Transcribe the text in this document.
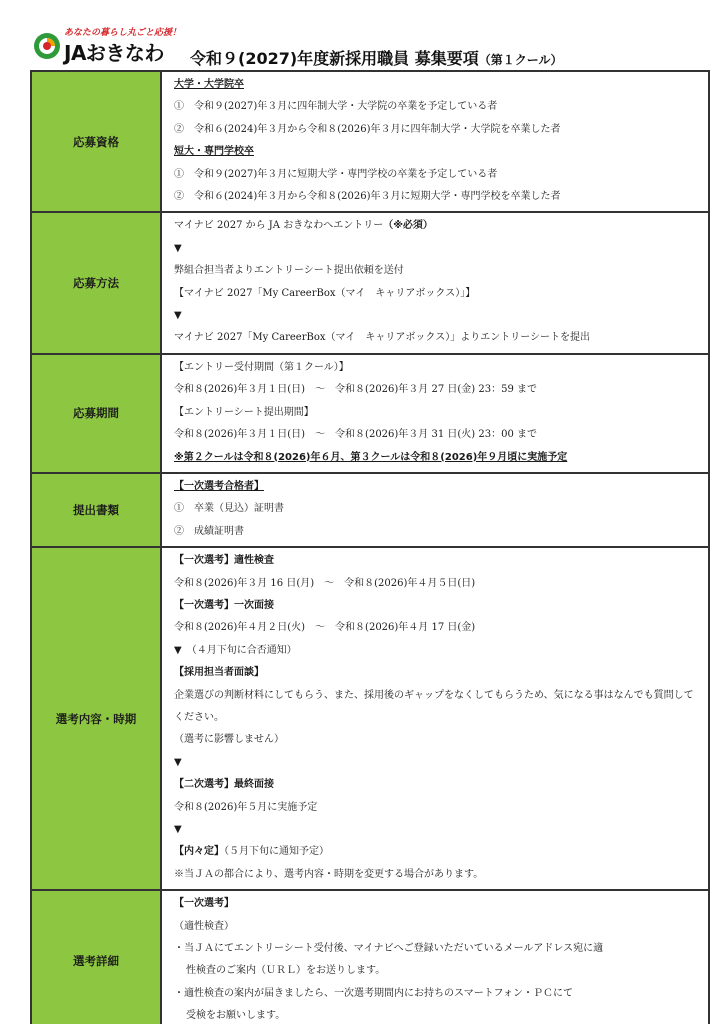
あなたの暮らし丸ごと応援！
JAおきなわ 令和９(2027)年度新採用職員 募集要項（第１クール）
応募資格
大学・大学院卒
①　令和９(2027)年３月に四年制大学・大学院の卒業を予定している者
②　令和６(2024)年３月から令和８(2026)年３月に四年制大学・大学院を卒業した者
短大・専門学校卒
①　令和９(2027)年３月に短期大学・専門学校の卒業を予定している者
②　令和６(2024)年３月から令和８(2026)年３月に短期大学・専門学校を卒業した者
応募方法
マイナビ 2027 から JA おきなわへエントリー（※必須）
▼
弊組合担当者よりエントリーシート提出依頼を送付
【マイナビ 2027「My CareerBox（マイ　キャリアボックス）」】
▼
マイナビ 2027「My CareerBox（マイ　キャリアボックス）」よりエントリーシートを提出
応募期間
【エントリー受付期間（第１クール）】
令和８(2026)年３月１日(日)　～　令和８(2026)年３月 27 日(金) 23：59 まで
【エントリーシート提出期間】
令和８(2026)年３月１日(日)　～　令和８(2026)年３月 31 日(火) 23：00 まで
※第２クールは令和８(2026)年６月、第３クールは令和８(2026)年９月頃に実施予定
提出書類
【一次選考合格者】
①　卒業（見込）証明書
②　成績証明書
選考内容・時期
【一次選考】適性検査
令和８(2026)年３月 16 日(月)　～　令和８(2026)年４月５日(日)
【一次選考】一次面接
令和８(2026)年４月２日(火)　～　令和８(2026)年４月 17 日(金)
▼　（４月下旬に合否通知）
【採用担当者面談】
企業選びの判断材料にしてもらう、また、採用後のギャップをなくしてもらうため、気になる事はなんでも質問してください。
（選考に影響しません）
▼
【二次選考】最終面接
令和８(2026)年５月に実施予定
▼
【内々定】（５月下旬に通知予定）
※当ＪＡの都合により、選考内容・時期を変更する場合があります。
選考詳細
【一次選考】
（適性検査）
・当ＪＡにてエントリーシート受付後、マイナビへご登録いただいているメールアドレス宛に適
性検査のご案内（ＵＲＬ）をお送りします。
・適性検査の案内が届きましたら、一次選考期間内にお持ちのスマートフォン・ＰＣにて
受検をお願いします。
